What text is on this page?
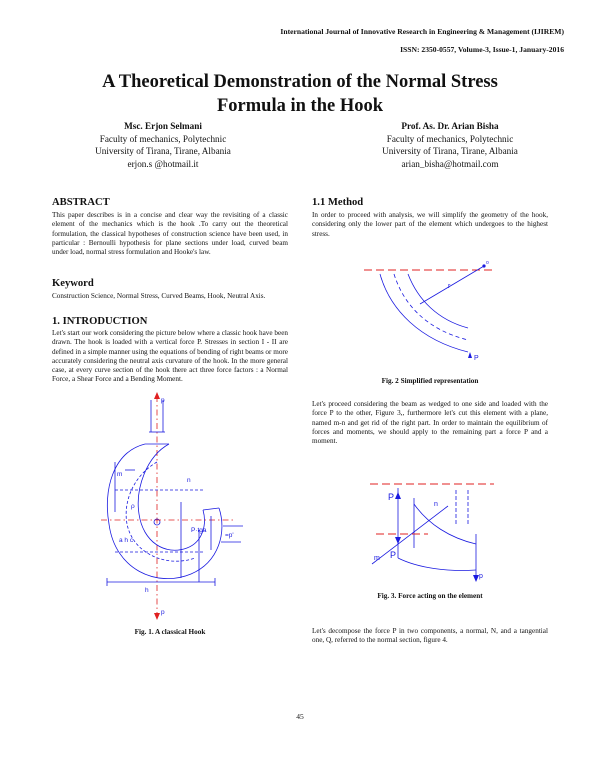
International Journal of Innovative Research in Engineering & Management (IJIREM)
ISSN: 2350-0557, Volume-3, Issue-1, January-2016
A Theoretical Demonstration of the Normal Stress
Formula in the Hook
Msc. Erjon Selmani
Faculty of mechanics, Polytechnic
University of Tirana, Tirane, Albania
erjon.s @hotmail.it
Prof. As. Dr. Arian Bisha
Faculty of mechanics, Polytechnic
University of Tirana, Tirane, Albania
arian_bisha@hotmail.com
ABSTRACT
This paper describes is in a concise and clear way the revisiting of a classic element of the mechanics which is the hook .To carry out the theoretical formulation, the classical hypotheses of construction science have been used, in particular : Bernoulli hypothesis for plane sections under load, curved beam under load, normal stress formulation and Hooke's law.
Keyword
Construction Science, Normal Stress, Curved Beams, Hook, Neutral Axis.
1. INTRODUCTION
Let's start our work considering the picture below where a classic hook have been drawn. The hook is loaded with a vertical force P. Stresses in section I - II are defined in a simple manner using the equations of bending of right beams or more accurately considering the neutral axis curvature of the hook. In the more general case, at every curve section of the hook there act three force factors : a Normal Force, a Shear Force and a Bending Moment.
p
p
m
n
P·tga
=p'
ρ
h
a h c
Fig. 1. A classical Hook
1.1 Method
In order to proceed with analysis, we will simplify the geometry of the hook, considering only the lower part of the element which undergoes to the highest stress.
r
P
o
Fig. 2 Simplified representation
Let's proceed considering the beam as wedged to one side and loaded with the force P to the other, Figure 3,, furthermore let's cut this element with a plane, named m-n and get rid of the right part. In order to maintain the equilibrium of forces and moments, we should apply to the remaining part a force P and a moment.
P
P
p
m
n
Fig. 3. Force acting on the element
Let's decompose the force P in two components, a normal, N, and a tangential one, Q, referred to the normal section, figure 4.
45
